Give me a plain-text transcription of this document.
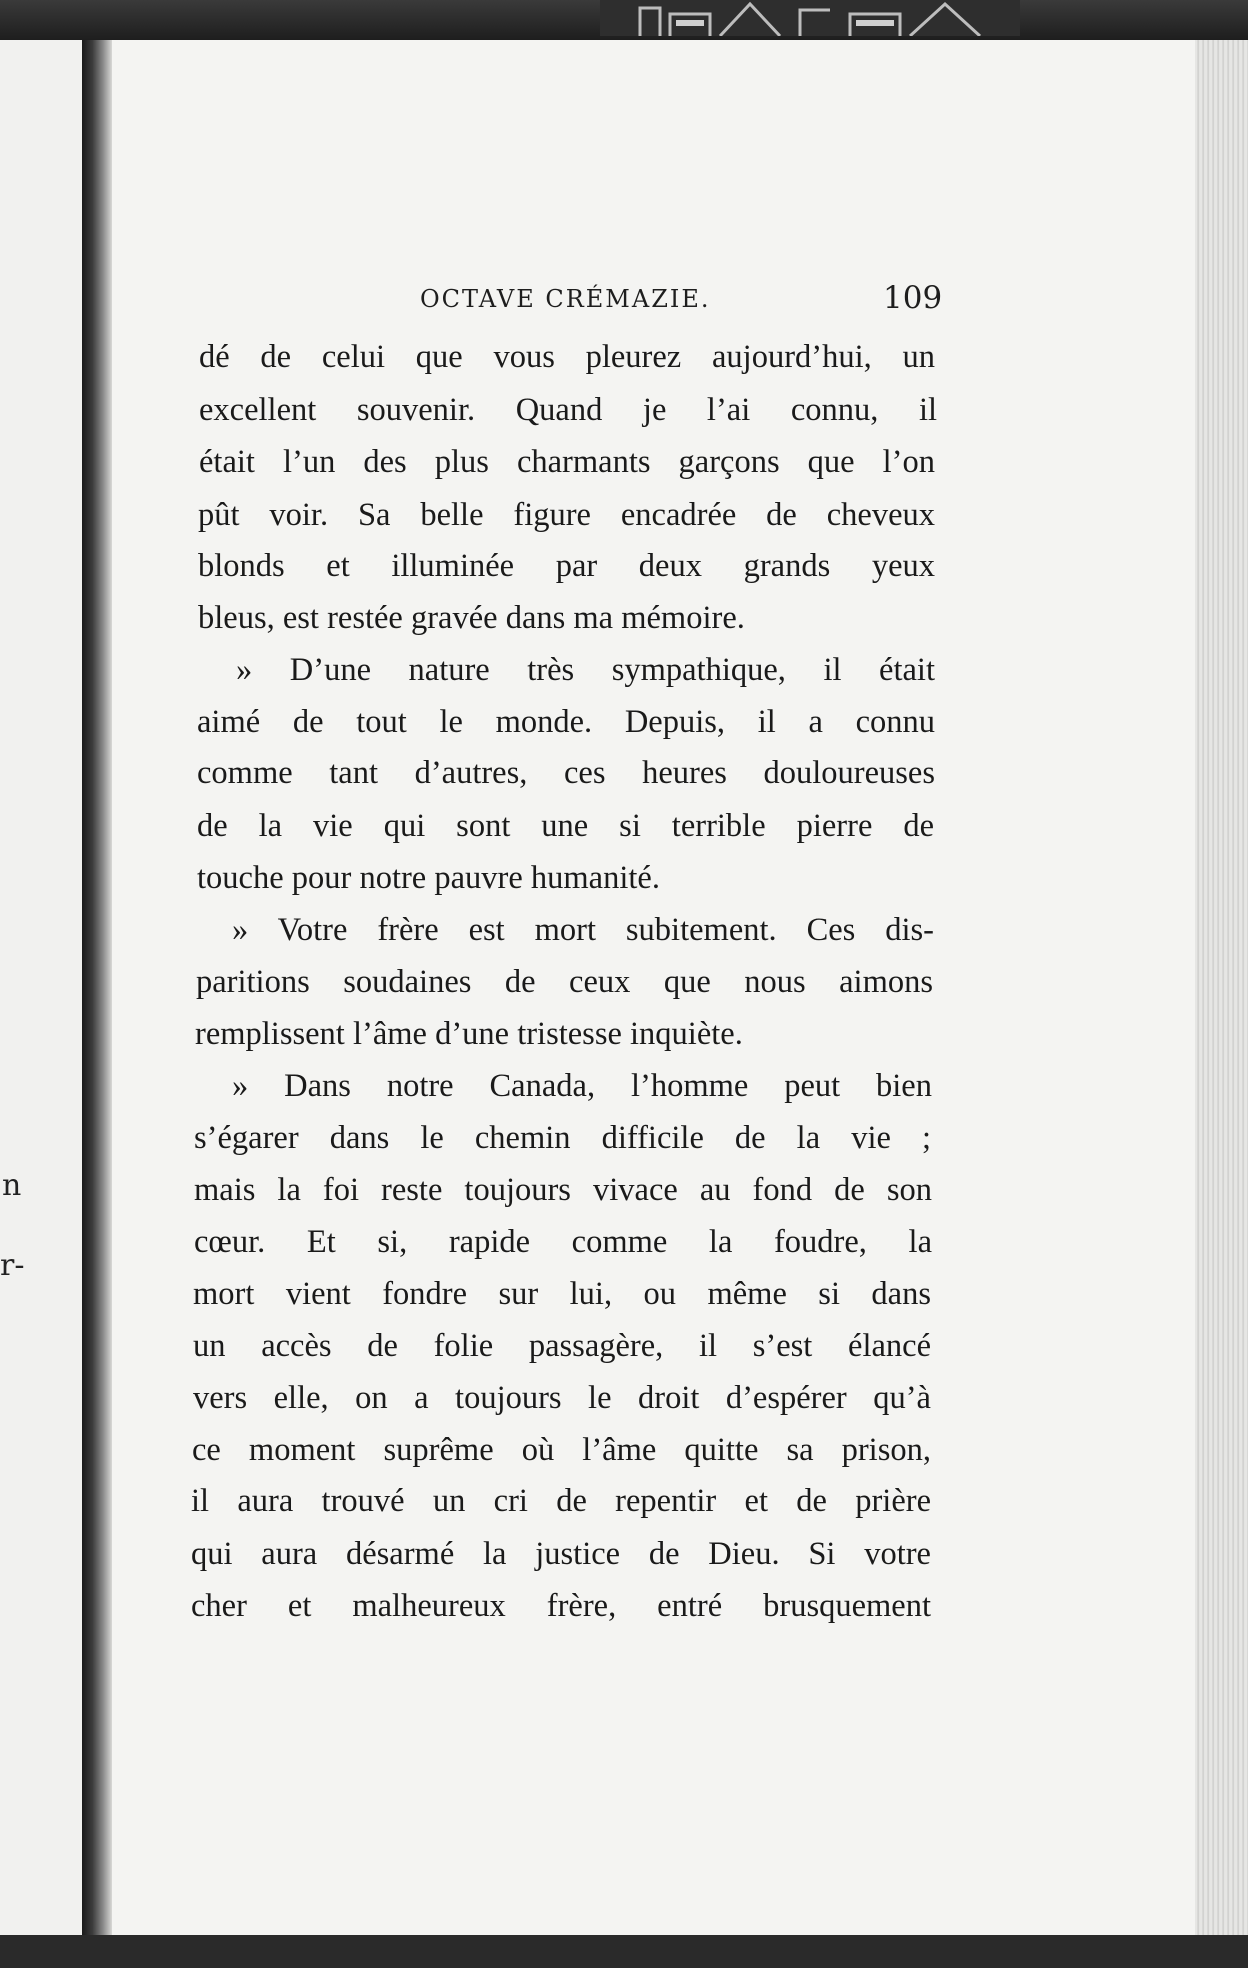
n
r-
OCTAVE CRÉMAZIE.	109
dé de celui que vous pleurez aujourd’hui, un
excellent souvenir. Quand je l’ai connu, il
était l’un des plus charmants garçons que l’on
pût voir. Sa belle figure encadrée de cheveux
blonds et illuminée par deux grands yeux
bleus, est restée gravée dans ma mémoire.
» D’une nature très sympathique, il était
aimé de tout le monde. Depuis, il a connu
comme tant d’autres, ces heures douloureuses
de la vie qui sont une si terrible pierre de
touche pour notre pauvre humanité.
» Votre frère est mort subitement. Ces dis-
paritions soudaines de ceux que nous aimons
remplissent l’âme d’une tristesse inquiète.
» Dans notre Canada, l’homme peut bien
s’égarer dans le chemin difficile de la vie ;
mais la foi reste toujours vivace au fond de son
cœur. Et si, rapide comme la foudre, la
mort vient fondre sur lui, ou même si dans
un accès de folie passagère, il s’est élancé
vers elle, on a toujours le droit d’espérer qu’à
ce moment suprême où l’âme quitte sa prison,
il aura trouvé un cri de repentir et de prière
qui aura désarmé la justice de Dieu. Si votre
cher et malheureux frère, entré brusquement
